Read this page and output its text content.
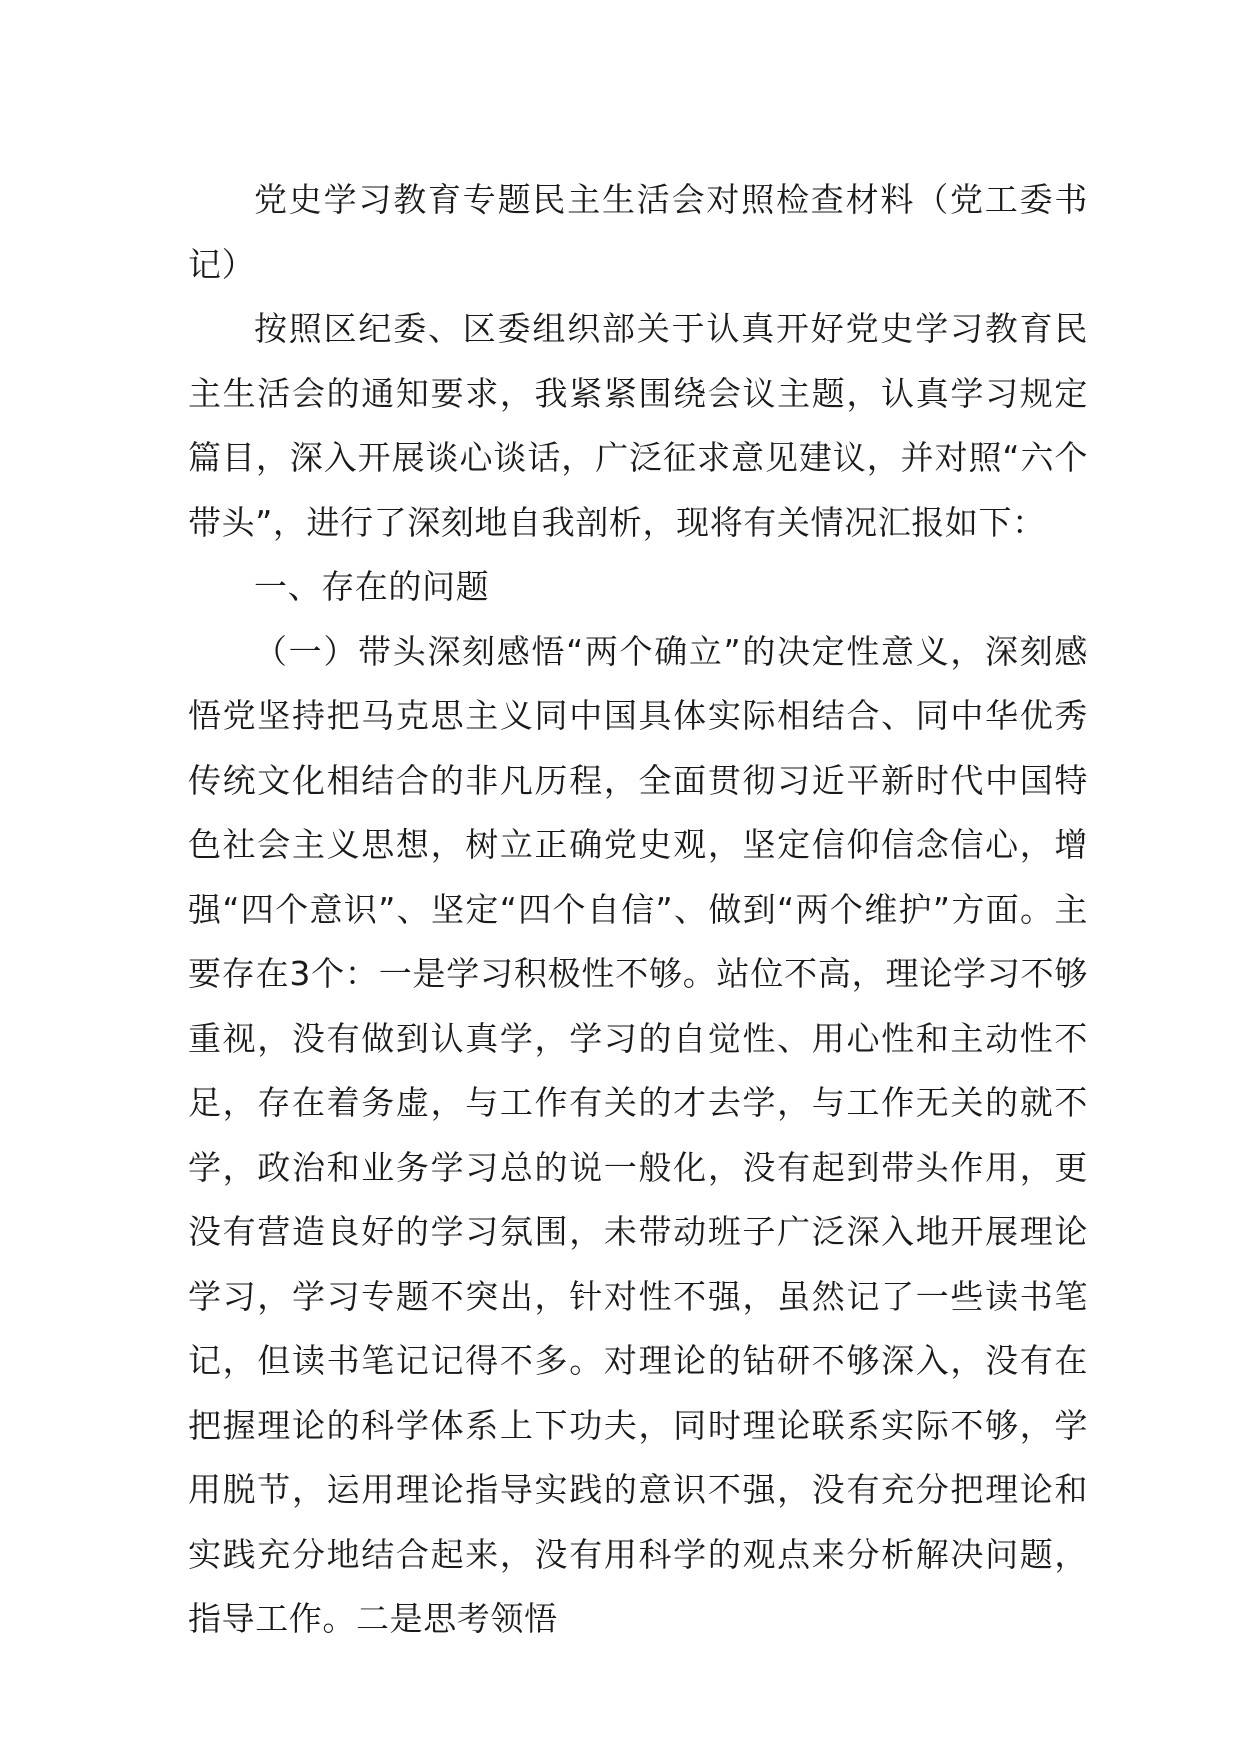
党史学习教育专题民主生活会对照检查材料（党工委书记）

按照区纪委、区委组织部关于认真开好党史学习教育民主生活会的通知要求，我紧紧围绕会议主题，认真学习规定篇目，深入开展谈心谈话，广泛征求意见建议，并对照“六个带头”，进行了深刻地自我剖析，现将有关情况汇报如下：

一、存在的问题

（一）带头深刻感悟“两个确立”的决定性意义，深刻感悟党坚持把马克思主义同中国具体实际相结合、同中华优秀传统文化相结合的非凡历程，全面贯彻习近平新时代中国特色社会主义思想，树立正确党史观，坚定信仰信念信心，增强“四个意识”、坚定“四个自信”、做到“两个维护”方面。主要存在3个：一是学习积极性不够。站位不高，理论学习不够重视，没有做到认真学，学习的自觉性、用心性和主动性不足，存在着务虚，与工作有关的才去学，与工作无关的就不学，政治和业务学习总的说一般化，没有起到带头作用，更没有营造良好的学习氛围，未带动班子广泛深入地开展理论学习，学习专题不突出，针对性不强，虽然记了一些读书笔记，但读书笔记记得不多。对理论的钻研不够深入，没有在把握理论的科学体系上下功夫，同时理论联系实际不够，学用脱节，运用理论指导实践的意识不强，没有充分把理论和实践充分地结合起来，没有用科学的观点来分析解决问题，指导工作。二是思考领悟
